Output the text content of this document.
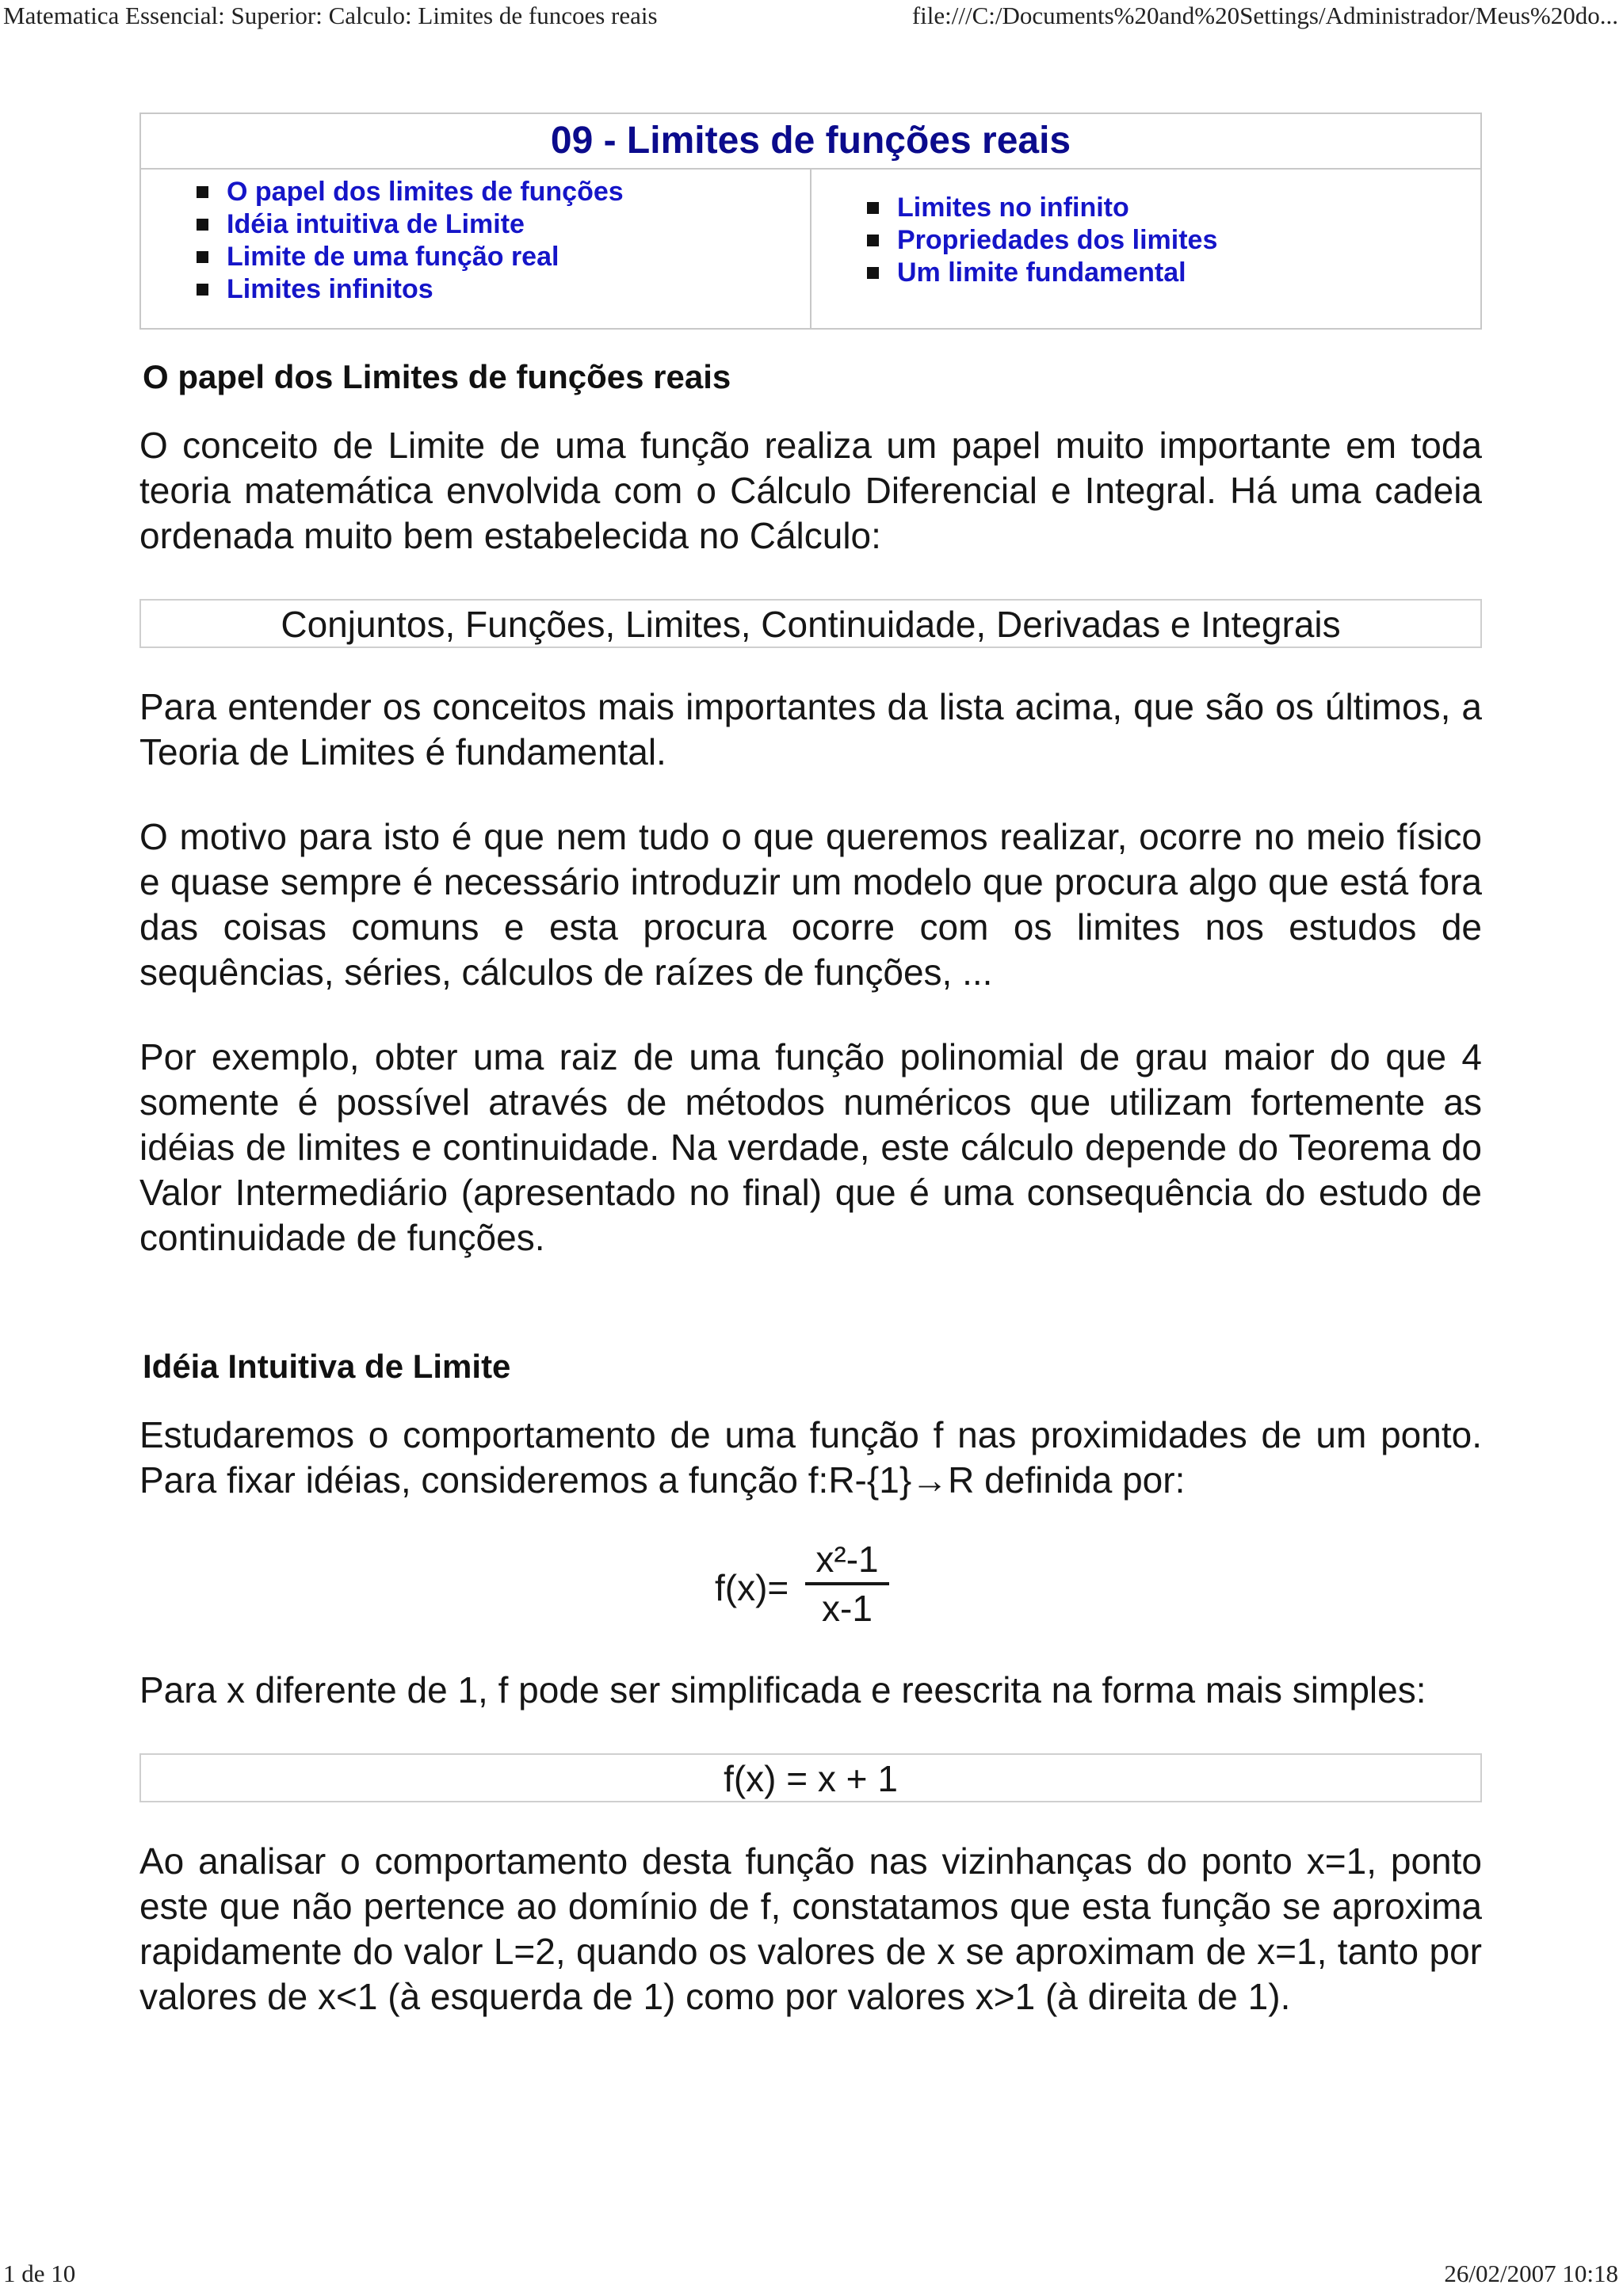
Matematica Essencial: Superior: Calculo: Limites de funcoes reais	file:///C:/Documents%20and%20Settings/Administrador/Meus%20do...
09 - Limites de funções reais
O papel dos limites de funções
Idéia intuitiva de Limite
Limite de uma função real
Limites infinitos
Limites no infinito
Propriedades dos limites
Um limite fundamental
O papel dos Limites de funções reais

O conceito de Limite de uma função realiza um papel muito importante em toda teoria matemática envolvida com o Cálculo Diferencial e Integral. Há uma cadeia ordenada muito bem estabelecida no Cálculo:

Conjuntos, Funções, Limites, Continuidade, Derivadas e Integrais

Para entender os conceitos mais importantes da lista acima, que são os últimos, a Teoria de Limites é fundamental.

O motivo para isto é que nem tudo o que queremos realizar, ocorre no meio físico e quase sempre é necessário introduzir um modelo que procura algo que está fora das coisas comuns e esta procura ocorre com os limites nos estudos de sequências, séries, cálculos de raízes de funções, ...

Por exemplo, obter uma raiz de uma função polinomial de grau maior do que 4 somente é possível através de métodos numéricos que utilizam fortemente as idéias de limites e continuidade. Na verdade, este cálculo depende do Teorema do Valor Intermediário (apresentado no final) que é uma consequência do estudo de continuidade de funções.

Idéia Intuitiva de Limite

Estudaremos o comportamento de uma função f nas proximidades de um ponto. Para fixar idéias, consideremos a função f:R-{1}→R definida por:

f(x)=
x²-1
x-1

Para x diferente de 1, f pode ser simplificada e reescrita na forma mais simples:

f(x) = x + 1

Ao analisar o comportamento desta função nas vizinhanças do ponto x=1, ponto este que não pertence ao domínio de f, constatamos que esta função se aproxima rapidamente do valor L=2, quando os valores de x se aproximam de x=1, tanto por valores de x<1 (à esquerda de 1) como por valores x>1 (à direita de 1).

1 de 10	26/02/2007 10:18
